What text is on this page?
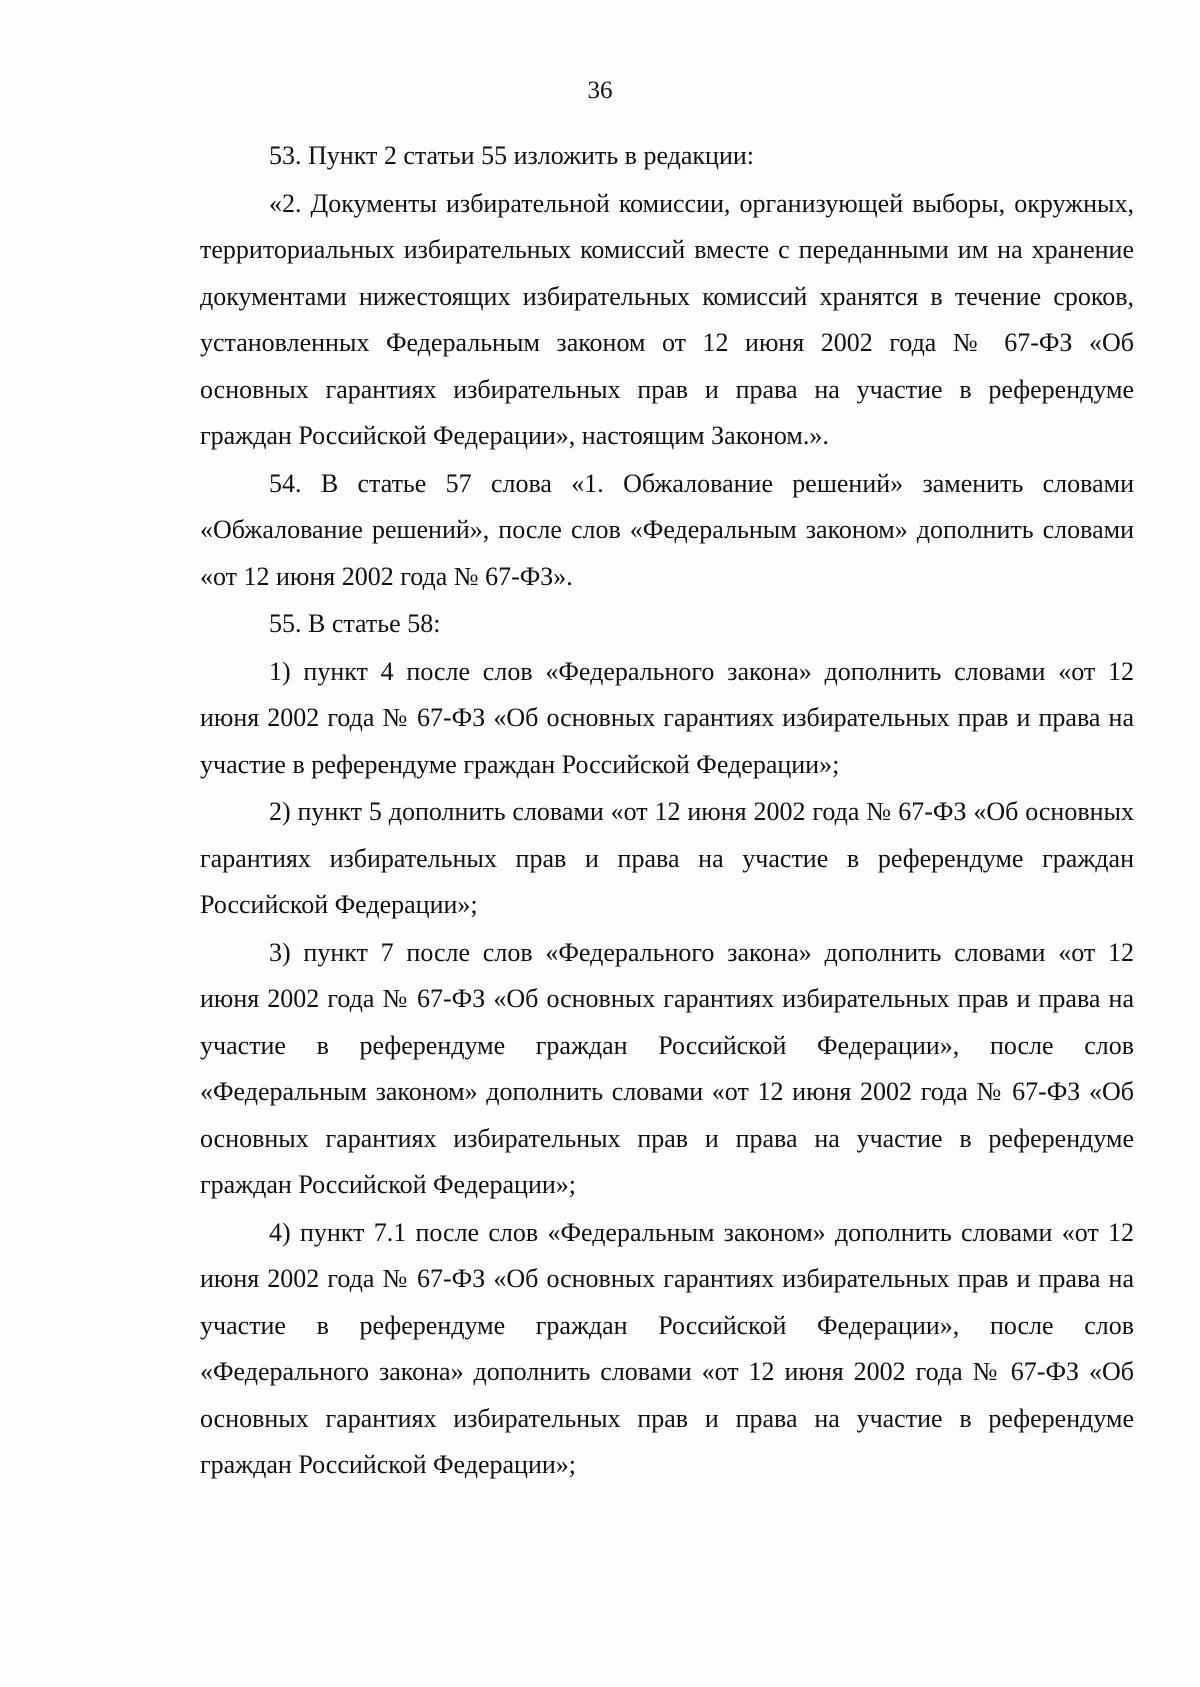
36

53. Пункт 2 статьи 55 изложить в редакции:

«2. Документы избирательной комиссии, организующей выборы, окружных, территориальных избирательных комиссий вместе с переданными им на хранение документами нижестоящих избирательных комиссий хранятся в течение сроков, установленных Федеральным законом от 12 июня 2002 года № 67-ФЗ «Об основных гарантиях избирательных прав и права на участие в референдуме граждан Российской Федерации», настоящим Законом.».

54. В статье 57 слова «1. Обжалование решений» заменить словами «Обжалование решений», после слов «Федеральным законом» дополнить словами «от 12 июня 2002 года № 67-ФЗ».

55. В статье 58:

1) пункт 4 после слов «Федерального закона» дополнить словами «от 12 июня 2002 года № 67-ФЗ «Об основных гарантиях избирательных прав и права на участие в референдуме граждан Российской Федерации»;

2) пункт 5 дополнить словами «от 12 июня 2002 года № 67-ФЗ «Об основных гарантиях избирательных прав и права на участие в референдуме граждан Российской Федерации»;

3) пункт 7 после слов «Федерального закона» дополнить словами «от 12 июня 2002 года № 67-ФЗ «Об основных гарантиях избирательных прав и права на участие в референдуме граждан Российской Федерации», после слов «Федеральным законом» дополнить словами «от 12 июня 2002 года № 67-ФЗ «Об основных гарантиях избирательных прав и права на участие в референдуме граждан Российской Федерации»;

4) пункт 7.1 после слов «Федеральным законом» дополнить словами «от 12 июня 2002 года № 67-ФЗ «Об основных гарантиях избирательных прав и права на участие в референдуме граждан Российской Федерации», после слов «Федерального закона» дополнить словами «от 12 июня 2002 года № 67-ФЗ «Об основных гарантиях избирательных прав и права на участие в референдуме граждан Российской Федерации»;
